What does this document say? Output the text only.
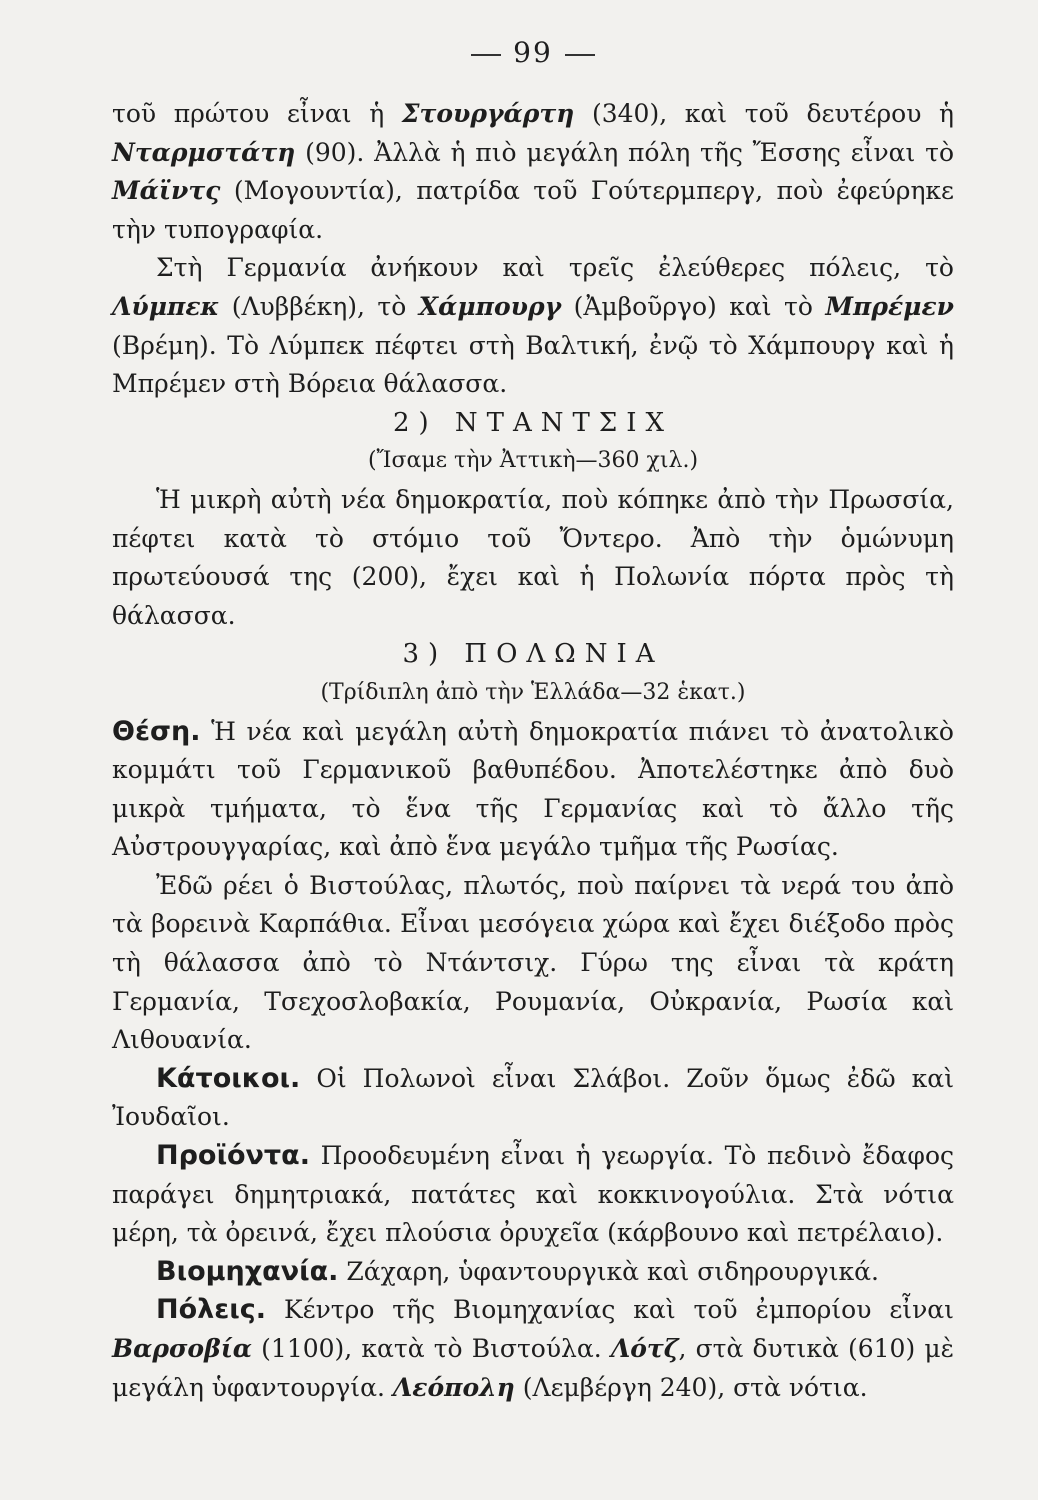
99

τοῦ πρώτου εἶναι ἡ Στουργάρτη (340), καὶ τοῦ δευτέρου ἡ Νταρμστάτη (90). Ἀλλὰ ἡ πιὸ μεγάλη πόλη τῆς Ἔσσης εἶναι τὸ Μάϊντς (Μογουντία), πατρίδα τοῦ Γούτερμπεργ, ποὺ ἐφεύρηκε τὴν τυπογραφία.

Στὴ Γερμανία ἀνήκουν καὶ τρεῖς ἐλεύθερες πόλεις, τὸ Λύμπεκ (Λυββέκη), τὸ Χάμπουργ (Ἀμβοῦργο) καὶ τὸ Μπρέμεν (Βρέμη). Τὸ Λύμπεκ πέφτει στὴ Βαλτική, ἐνῷ τὸ Χάμπουργ καὶ ἡ Μπρέμεν στὴ Βόρεια θάλασσα.

2) ΝΤΑΝΤΣΙΧ
(Ἴσαμε τὴν Ἀττικὴ—360 χιλ.)

Ἡ μικρὴ αὐτὴ νέα δημοκρατία, ποὺ κόπηκε ἀπὸ τὴν Πρωσσία, πέφτει κατὰ τὸ στόμιο τοῦ Ὄντερο. Ἀπὸ τὴν ὁμώνυμη πρωτεύουσά της (200), ἔχει καὶ ἡ Πολωνία πόρτα πρὸς τὴ θάλασσα.

3) ΠΟΛΩΝΙΑ
(Τρίδιπλη ἀπὸ τὴν Ἑλλάδα—32 ἑκατ.)

Θέση. Ἡ νέα καὶ μεγάλη αὐτὴ δημοκρατία πιάνει τὸ ἀνατολικὸ κομμάτι τοῦ Γερμανικοῦ βαθυπέδου. Ἀποτελέστηκε ἀπὸ δυὸ μικρὰ τμήματα, τὸ ἕνα τῆς Γερμανίας καὶ τὸ ἄλλο τῆς Αὐστρουγγαρίας, καὶ ἀπὸ ἕνα μεγάλο τμῆμα τῆς Ρωσίας.

Ἐδῶ ρέει ὁ Βιστούλας, πλωτός, ποὺ παίρνει τὰ νερά του ἀπὸ τὰ βορεινὰ Καρπάθια. Εἶναι μεσόγεια χώρα καὶ ἔχει διέξοδο πρὸς τὴ θάλασσα ἀπὸ τὸ Ντάντσιχ. Γύρω της εἶναι τὰ κράτη Γερμανία, Τσεχοσλοβακία, Ρουμανία, Οὐκρανία, Ρωσία καὶ Λιθουανία.

Κάτοικοι. Οἱ Πολωνοὶ εἶναι Σλάβοι. Ζοῦν ὅμως ἐδῶ καὶ Ἰουδαῖοι.

Προϊόντα. Προοδευμένη εἶναι ἡ γεωργία. Τὸ πεδινὸ ἔδαφος παράγει δημητριακά, πατάτες καὶ κοκκινογούλια. Στὰ νότια μέρη, τὰ ὀρεινά, ἔχει πλούσια ὀρυχεῖα (κάρβουνο καὶ πετρέλαιο).

Βιομηχανία. Ζάχαρη, ὑφαντουργικὰ καὶ σιδηρουργικά.

Πόλεις. Κέντρο τῆς Βιομηχανίας καὶ τοῦ ἐμπορίου εἶναι Βαρσοβία (1100), κατὰ τὸ Βιστούλα. Λότζ, στὰ δυτικὰ (610) μὲ μεγάλη ὑφαντουργία. Λεόπολη (Λεμβέργη 240), στὰ νότια.
